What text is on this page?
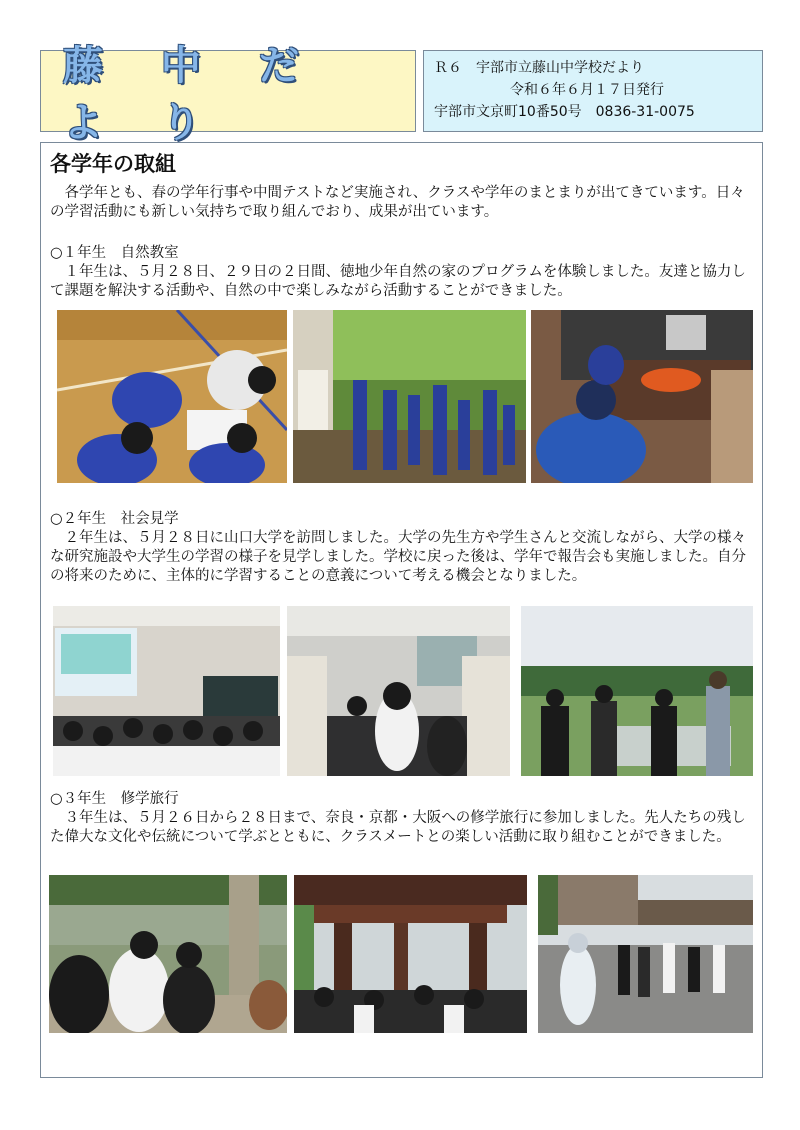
藤 中 だ よ り
Ｒ６　宇部市立藤山中学校だより
令和６年６月１７日発行
宇部市文京町10番50号　0836-31-0075
各学年の取組

各学年とも、春の学年行事や中間テストなど実施され、クラスや学年のまとまりが出てきています。日々の学習活動にも新しい気持ちで取り組んでおり、成果が出ています。

○１年生　自然教室

１年生は、５月２８日、２９日の２日間、徳地少年自然の家のプログラムを体験しました。友達と協力して課題を解決する活動や、自然の中で楽しみながら活動することができました。

○２年生　社会見学

２年生は、５月２８日に山口大学を訪問しました。大学の先生方や学生さんと交流しながら、大学の様々な研究施設や大学生の学習の様子を見学しました。学校に戻った後は、学年で報告会も実施しました。自分の将来のために、主体的に学習することの意義について考える機会となりました。

○３年生　修学旅行

３年生は、５月２６日から２８日まで、奈良・京都・大阪への修学旅行に参加しました。先人たちの残した偉大な文化や伝統について学ぶとともに、クラスメートとの楽しい活動に取り組むことができました。
